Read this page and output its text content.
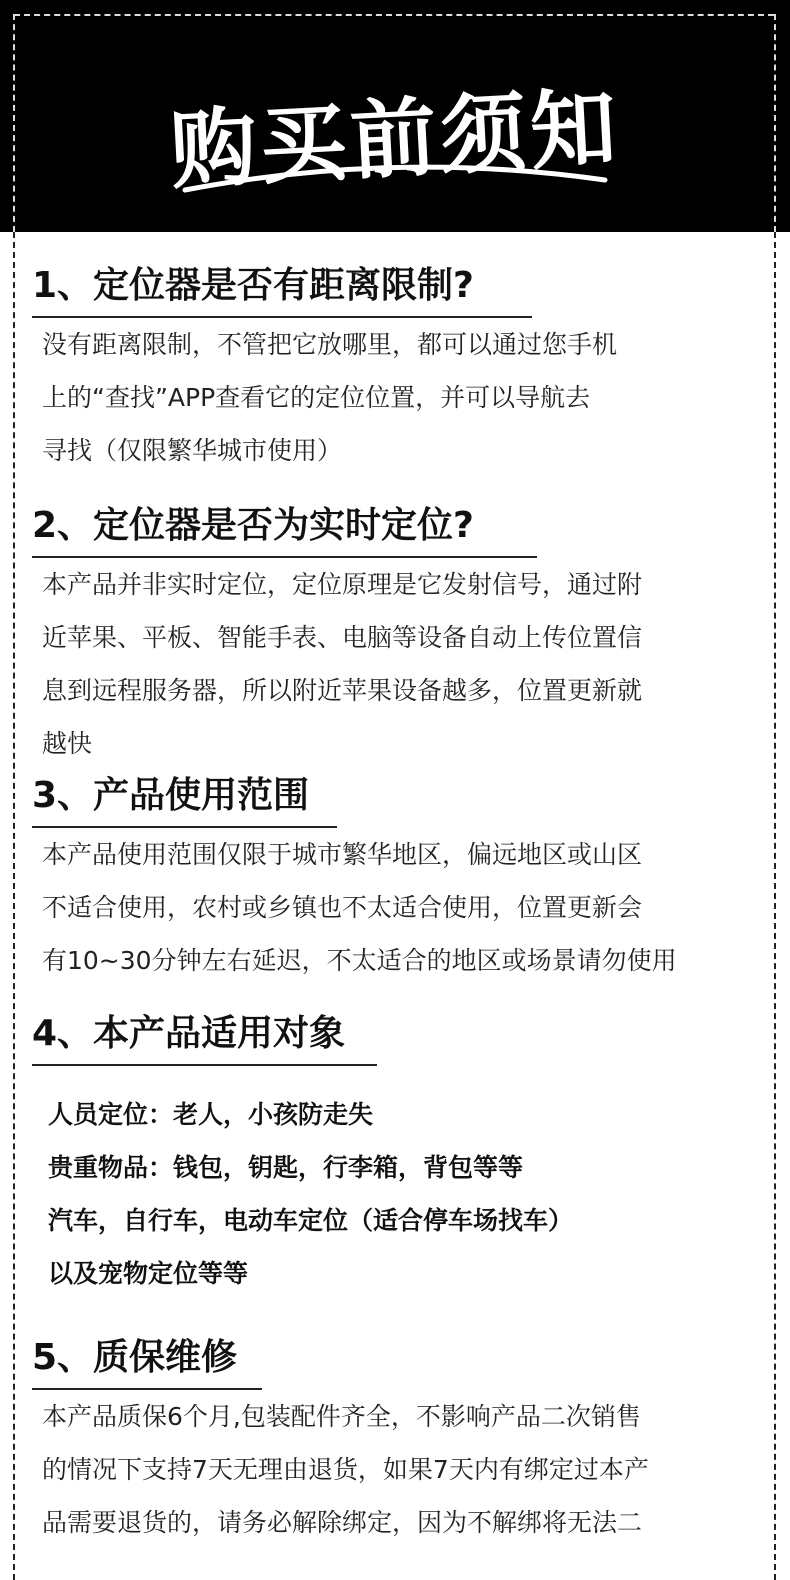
购买前须知
1、定位器是否有距离限制?

没有距离限制，不管把它放哪里，都可以通过您手机

上的“查找”APP查看它的定位位置，并可以导航去

寻找（仅限繁华城市使用）

2、定位器是否为实时定位?

本产品并非实时定位，定位原理是它发射信号，通过附

近苹果、平板、智能手表、电脑等设备自动上传位置信

息到远程服务器，所以附近苹果设备越多，位置更新就

越快

3、产品使用范围

本产品使用范围仅限于城市繁华地区，偏远地区或山区

不适合使用，农村或乡镇也不太适合使用，位置更新会

有10~30分钟左右延迟，不太适合的地区或场景请勿使用

4、本产品适用对象

人员定位：老人，小孩防走失

贵重物品：钱包，钥匙，行李箱，背包等等

汽车，自行车，电动车定位（适合停车场找车）

以及宠物定位等等

5、质保维修

本产品质保6个月,包装配件齐全，不影响产品二次销售

的情况下支持7天无理由退货，如果7天内有绑定过本产

品需要退货的，请务必解除绑定，因为不解绑将无法二
